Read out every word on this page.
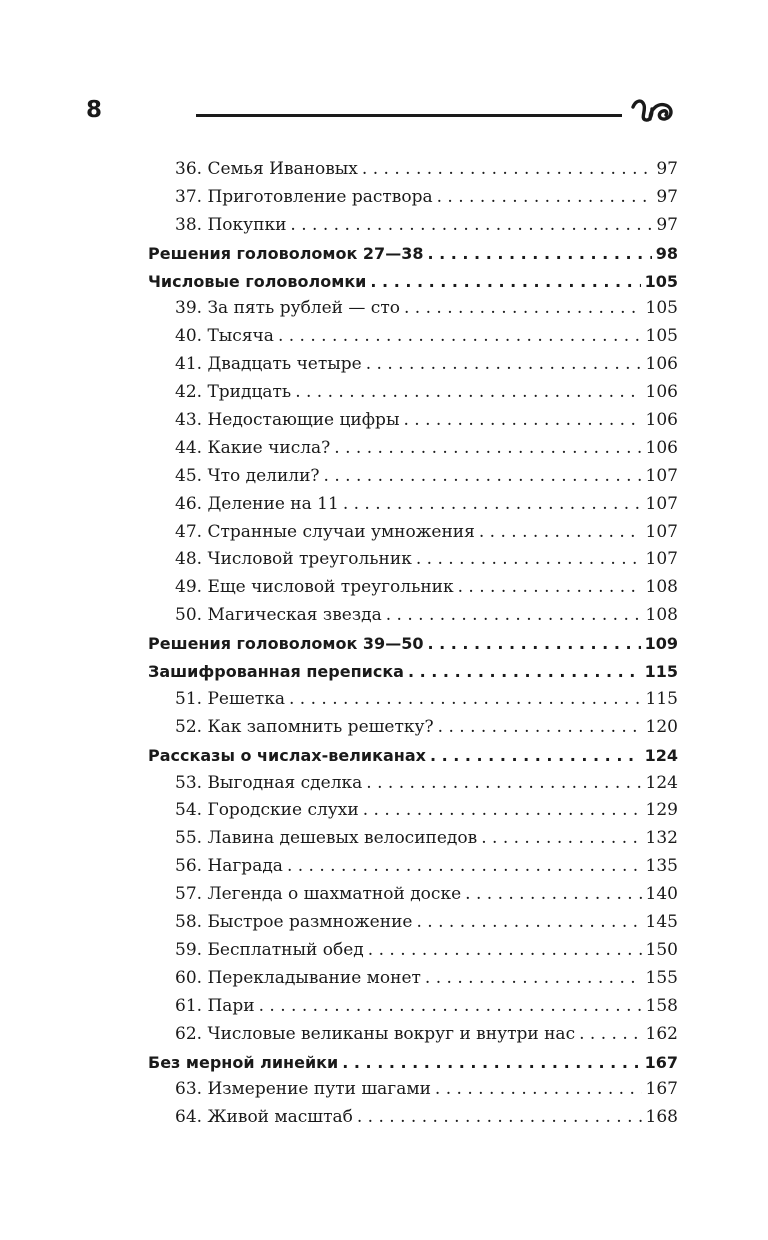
8
36. Семья Ивановых . . .	97
37. Приготовление раствора . . .	97
38. Покупки . . .	97
Решения головоломок 27—38 . . .	98
Числовые головоломки . . .	105
39. За пять рублей — сто . . .	105
40. Тысяча . . .	105
41. Двадцать четыре . . .	106
42. Тридцать . . .	106
43. Недостающие цифры . . .	106
44. Какие числа? . . .	106
45. Что делили? . . .	107
46. Деление на 11 . . .	107
47. Странные случаи умножения . . .	107
48. Числовой треугольник . . .	107
49. Еще числовой треугольник . . .	108
50. Магическая звезда . . .	108
Решения головоломок 39—50 . . .	109
Зашифрованная переписка . . .	115
51. Решетка . . .	115
52. Как запомнить решетку? . . .	120
Рассказы о числах-великанах . . .	124
53. Выгодная сделка . . .	124
54. Городские слухи . . .	129
55. Лавина дешевых велосипедов . . .	132
56. Награда . . .	135
57. Легенда о шахматной доске . . .	140
58. Быстрое размножение . . .	145
59. Бесплатный обед . . .	150
60. Перекладывание монет . . .	155
61. Пари . . .	158
62. Числовые великаны вокруг и внутри нас . . .	162
Без мерной линейки . . .	167
63. Измерение пути шагами . . .	167
64. Живой масштаб . . .	168
